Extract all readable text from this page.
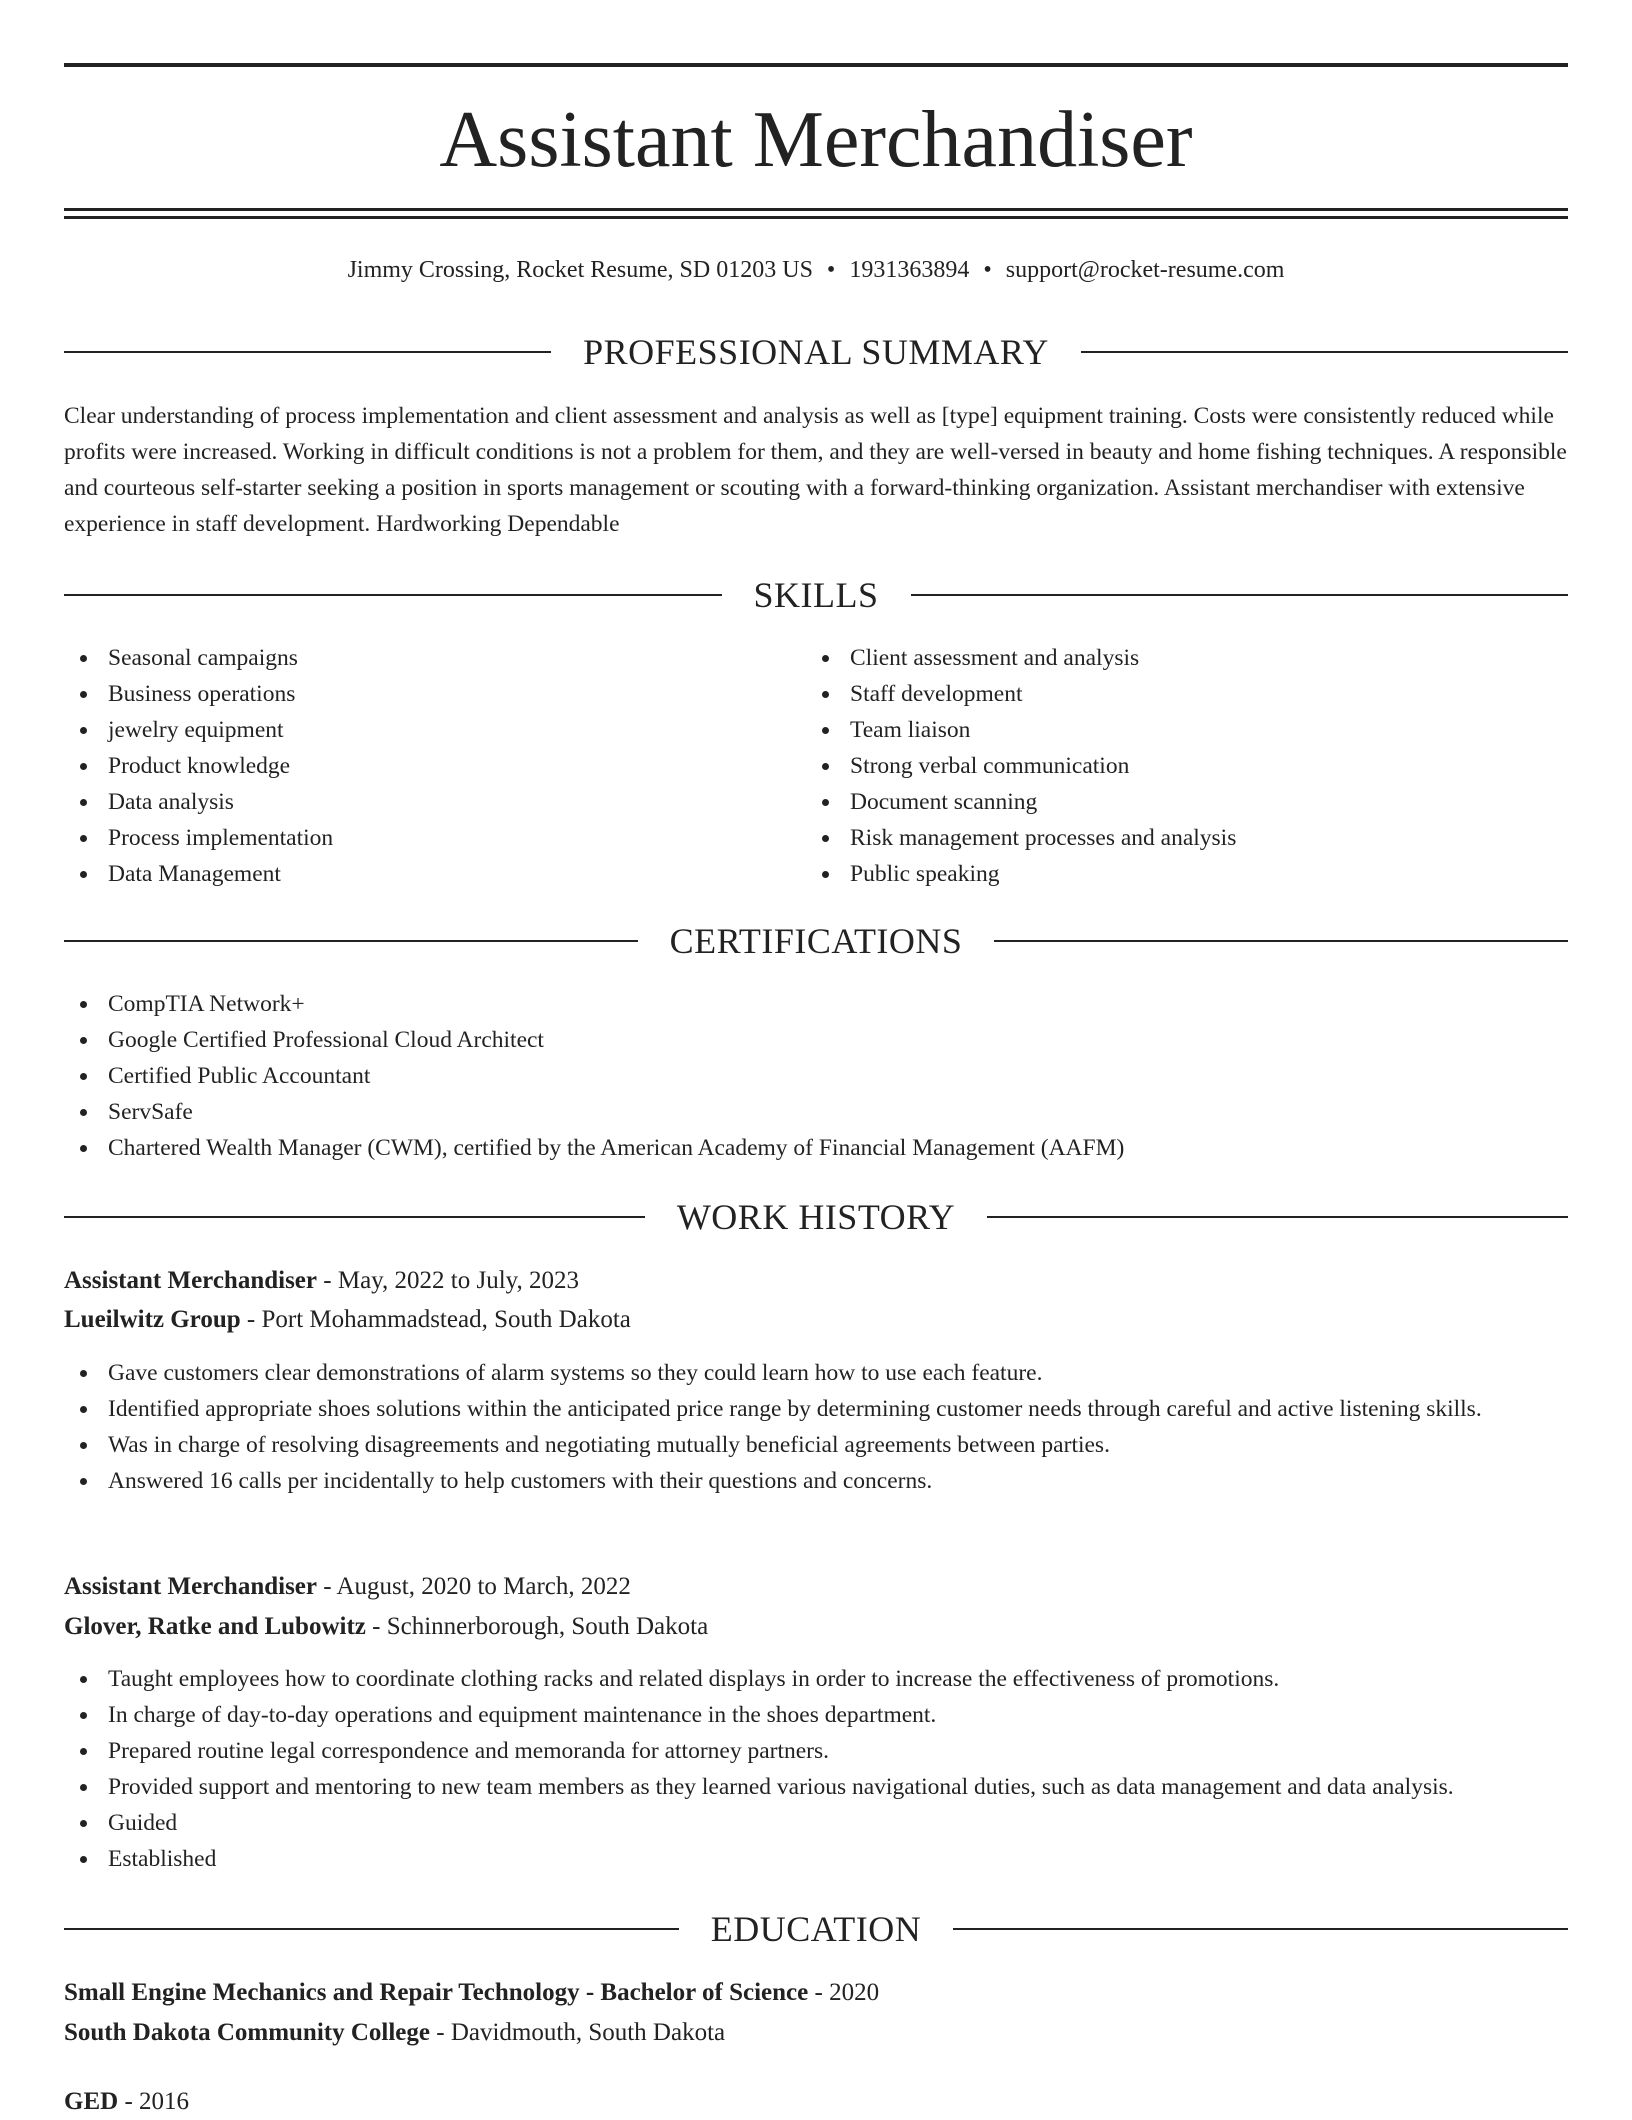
Assistant Merchandiser
Jimmy Crossing, Rocket Resume, SD 01203 US • 1931363894 • support@rocket-resume.com
PROFESSIONAL SUMMARY

Clear understanding of process implementation and client assessment and analysis as well as [type] equipment training. Costs were consistently reduced while profits were increased. Working in difficult conditions is not a problem for them, and they are well-versed in beauty and home fishing techniques. A responsible and courteous self-starter seeking a position in sports management or scouting with a forward-thinking organization. Assistant merchandiser with extensive experience in staff development. Hardworking Dependable

SKILLS
Seasonal campaigns
Business operations
jewelry equipment
Product knowledge
Data analysis
Process implementation
Data Management
Client assessment and analysis
Staff development
Team liaison
Strong verbal communication
Document scanning
Risk management processes and analysis
Public speaking
CERTIFICATIONS
CompTIA Network+
Google Certified Professional Cloud Architect
Certified Public Accountant
ServSafe
Chartered Wealth Manager (CWM), certified by the American Academy of Financial Management (AAFM)
WORK HISTORY
Assistant Merchandiser - May, 2022 to July, 2023
Lueilwitz Group - Port Mohammadstead, South Dakota
Gave customers clear demonstrations of alarm systems so they could learn how to use each feature.
Identified appropriate shoes solutions within the anticipated price range by determining customer needs through careful and active listening skills.
Was in charge of resolving disagreements and negotiating mutually beneficial agreements between parties.
Answered 16 calls per incidentally to help customers with their questions and concerns.
Assistant Merchandiser - August, 2020 to March, 2022
Glover, Ratke and Lubowitz - Schinnerborough, South Dakota
Taught employees how to coordinate clothing racks and related displays in order to increase the effectiveness of promotions.
In charge of day-to-day operations and equipment maintenance in the shoes department.
Prepared routine legal correspondence and memoranda for attorney partners.
Provided support and mentoring to new team members as they learned various navigational duties, such as data management and data analysis.
Guided
Established
EDUCATION
Small Engine Mechanics and Repair Technology - Bachelor of Science - 2020
South Dakota Community College - Davidmouth, South Dakota
GED - 2016
